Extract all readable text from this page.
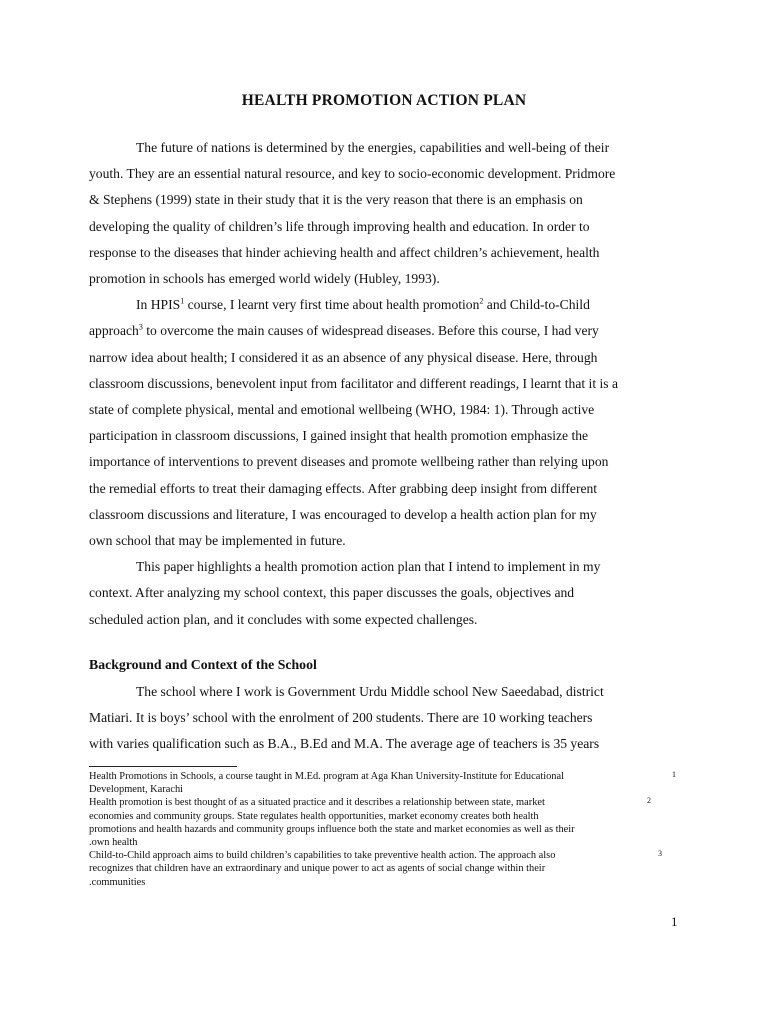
HEALTH PROMOTION ACTION PLAN
The future of nations is determined by the energies, capabilities and well-being of their
youth. They are an essential natural resource, and key to socio-economic development. Pridmore
& Stephens (1999) state in their study that it is the very reason that there is an emphasis on
developing the quality of children’s life through improving health and education. In order to
response to the diseases that hinder achieving health and affect children’s achievement, health
promotion in schools has emerged world widely (Hubley, 1993).
In HPIS$^1$ course, I learnt very first time about health promotion$^2$ and Child-to-Child
approach$^3$ to overcome the main causes of widespread diseases. Before this course, I had very
narrow idea about health; I considered it as an absence of any physical disease. Here, through
classroom discussions, benevolent input from facilitator and different readings, I learnt that it is a
state of complete physical, mental and emotional wellbeing (WHO, 1984: 1). Through active
participation in classroom discussions, I gained insight that health promotion emphasize the
importance of interventions to prevent diseases and promote wellbeing rather than relying upon
the remedial efforts to treat their damaging effects. After grabbing deep insight from different
classroom discussions and literature, I was encouraged to develop a health action plan for my
own school that may be implemented in future.
This paper highlights a health promotion action plan that I intend to implement in my
context. After analyzing my school context, this paper discusses the goals, objectives and
scheduled action plan, and it concludes with some expected challenges.
Background and Context of the School
The school where I work is Government Urdu Middle school New Saeedabad, district
Matiari. It is boys’ school with the enrolment of 200 students. There are 10 working teachers
with varies qualification such as B.A., B.Ed and M.A. The average age of teachers is 35 years
Health Promotions in Schools, a course taught in M.Ed. program at Aga Khan University-Institute for Educational	1
Development, Karachi
Health promotion is best thought of as a situated practice and it describes a relationship between state, market	2
economies and community groups. State regulates health opportunities, market economy creates both health
promotions and health hazards and community groups influence both the state and market economies as well as their
.own health
Child-to-Child approach aims to build children’s capabilities to take preventive health action. The approach also	3
recognizes that children have an extraordinary and unique power to act as agents of social change within their
.communities
1
